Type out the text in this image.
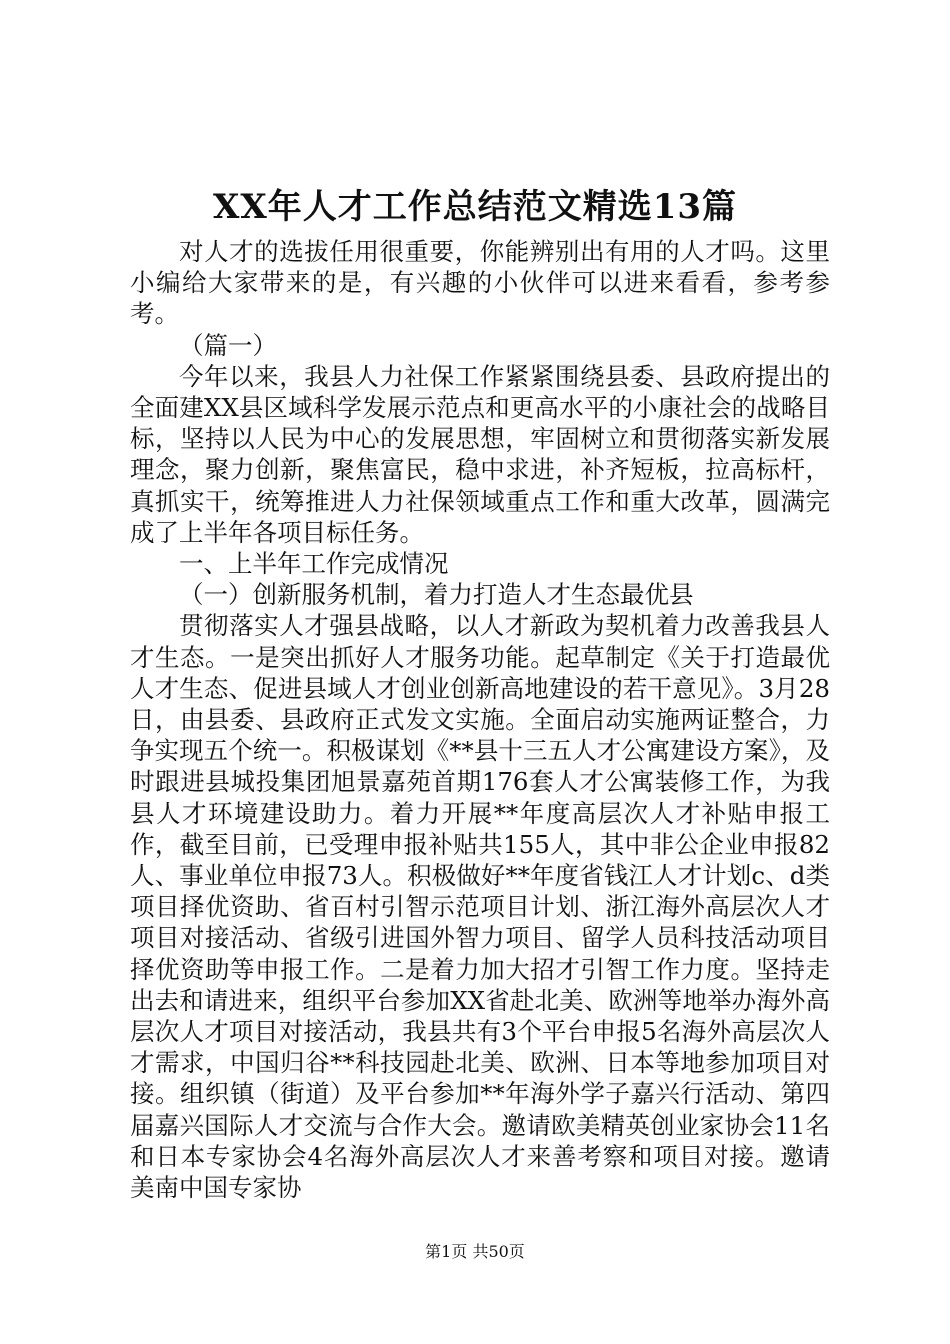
XX年人才工作总结范文精选13篇

对人才的选拔任用很重要，你能辨别出有用的人才吗。这里小编给大家带来的是，有兴趣的小伙伴可以进来看看，参考参考。

（篇一）

今年以来，我县人力社保工作紧紧围绕县委、县政府提出的全面建XX县区域科学发展示范点和更高水平的小康社会的战略目标，坚持以人民为中心的发展思想，牢固树立和贯彻落实新发展理念，聚力创新，聚焦富民，稳中求进，补齐短板，拉高标杆，真抓实干，统筹推进人力社保领域重点工作和重大改革，圆满完成了上半年各项目标任务。

一、上半年工作完成情况

（一）创新服务机制，着力打造人才生态最优县

贯彻落实人才强县战略，以人才新政为契机着力改善我县人才生态。一是突出抓好人才服务功能。起草制定《关于打造最优人才生态、促进县域人才创业创新高地建设的若干意见》。3月28日，由县委、县政府正式发文实施。全面启动实施两证整合，力争实现五个统一。积极谋划《**县十三五人才公寓建设方案》，及时跟进县城投集团旭景嘉苑首期176套人才公寓装修工作，为我县人才环境建设助力。着力开展**年度高层次人才补贴申报工作，截至目前，已受理申报补贴共155人，其中非公企业申报82人、事业单位申报73人。积极做好**年度省钱江人才计划c、d类项目择优资助、省百村引智示范项目计划、浙江海外高层次人才项目对接活动、省级引进国外智力项目、留学人员科技活动项目择优资助等申报工作。二是着力加大招才引智工作力度。坚持走出去和请进来，组织平台参加XX省赴北美、欧洲等地举办海外高层次人才项目对接活动，我县共有3个平台申报5名海外高层次人才需求，中国归谷**科技园赴北美、欧洲、日本等地参加项目对接。组织镇（街道）及平台参加**年海外学子嘉兴行活动、第四届嘉兴国际人才交流与合作大会。邀请欧美精英创业家协会11名和日本专家协会4名海外高层次人才来善考察和项目对接。邀请美南中国专家协

第1页 共50页
